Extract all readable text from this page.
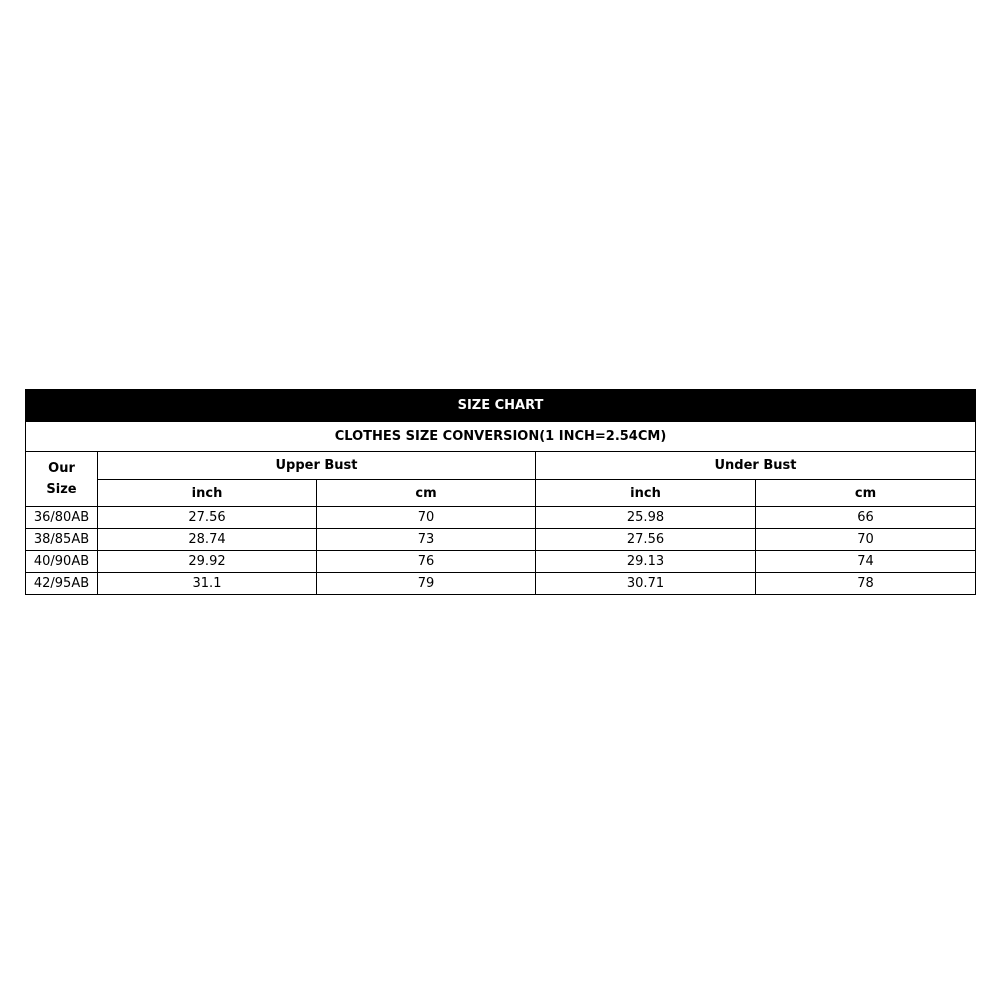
SIZE CHART				
CLOTHES SIZE CONVERSION(1 INCH=2.54CM)				

Our
Size	Upper Bust		Under Bust	
	inch	cm	inch	cm
36/80AB	27.56	70	25.98	66
38/85AB	28.74	73	27.56	70
40/90AB	29.92	76	29.13	74
42/95AB	31.1	79	30.71	78
